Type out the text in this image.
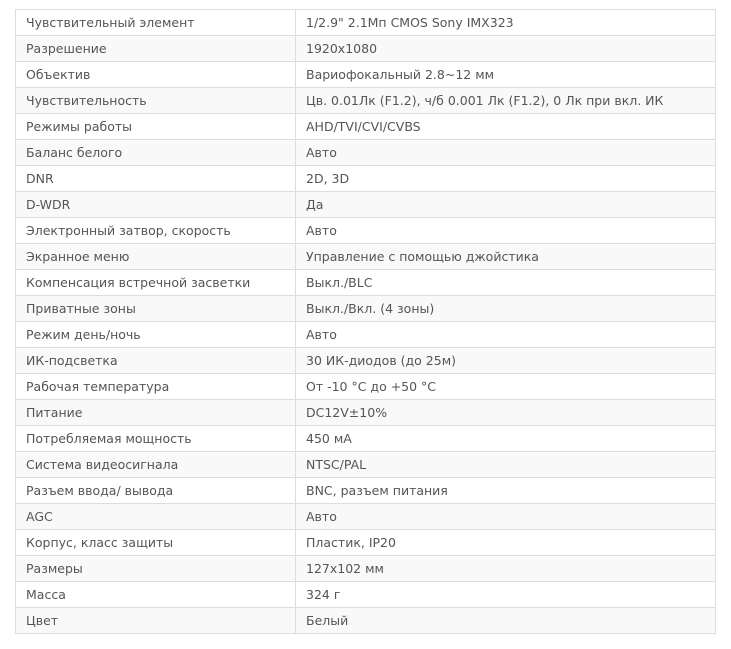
Чувствительный элемент	1/2.9" 2.1Мп CMOS Sony IMX323
Разрешение	1920х1080
Объектив	Вариофокальный 2.8~12 мм
Чувствительность	Цв. 0.01Лк (F1.2), ч/б 0.001 Лк (F1.2), 0 Лк при вкл. ИК
Режимы работы	AHD/TVI/CVI/CVBS
Баланс белого	Авто
DNR	2D, 3D
D-WDR	Да
Электронный затвор, скорость	Авто
Экранное меню	Управление с помощью джойстика
Компенсация встречной засветки	Выкл./BLC
Приватные зоны	Выкл./Вкл. (4 зоны)
Режим день/ночь	Авто
ИК-подсветка	30 ИК-диодов (до 25м)
Рабочая температура	От -10 °С до +50 °С
Питание	DC12V±10%
Потребляемая мощность	450 мА
Система видеосигнала	NTSC/PAL
Разъем ввода/ вывода	BNC, разъем питания
AGC	Авто
Корпус, класс защиты	Пластик, IP20
Размеры	127х102 мм
Масса	324 г
Цвет	Белый
